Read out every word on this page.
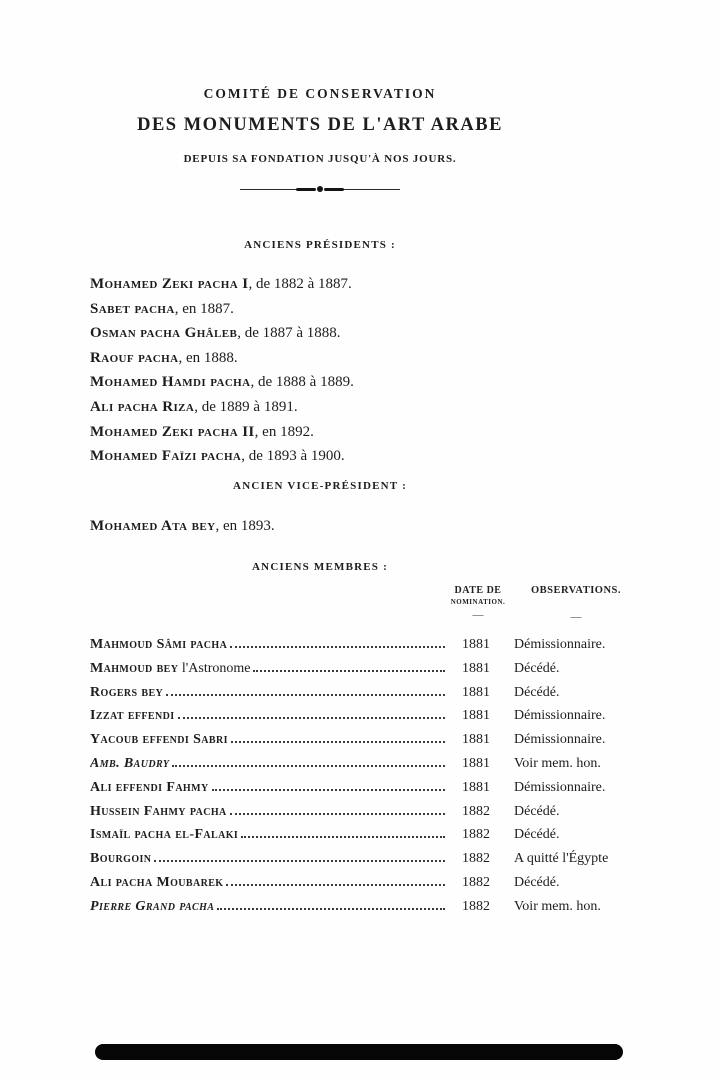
COMITÉ DE CONSERVATION
DES MONUMENTS DE L'ART ARABE
DEPUIS SA FONDATION JUSQU'À NOS JOURS.
ANCIENS PRÉSIDENTS :
Mohamed Zeki pacha I, de 1882 à 1887.
Sabet pacha, en 1887.
Osman pacha Ghâleb, de 1887 à 1888.
Raouf pacha, en 1888.
Mohamed Hamdi pacha, de 1888 à 1889.
Ali pacha Riza, de 1889 à 1891.
Mohamed Zeki pacha II, en 1892.
Mohamed Faïzi pacha, de 1893 à 1900.
ANCIEN VICE-PRÉSIDENT :
Mohamed Ata bey, en 1893.
ANCIENS MEMBRES :
DATE DE
NOMINATION.
—
OBSERVATIONS.
—
Mahmoud Sâmi pacha	1881	Démissionnaire.
Mahmoud bey l'Astronome	1881	Décédé.
Rogers bey	1881	Décédé.
Izzat effendi	1881	Démissionnaire.
Yacoub effendi Sabri	1881	Démissionnaire.
Amb. Baudry	1881	Voir mem. hon.
Ali effendi Fahmy	1881	Démissionnaire.
Hussein Fahmy pacha	1882	Décédé.
Ismaïl pacha el-Falaki	1882	Décédé.
Bourgoin	1882	A quitté l'Égypte
Ali pacha Moubarek	1882	Décédé.
Pierre Grand pacha	1882	Voir mem. hon.
